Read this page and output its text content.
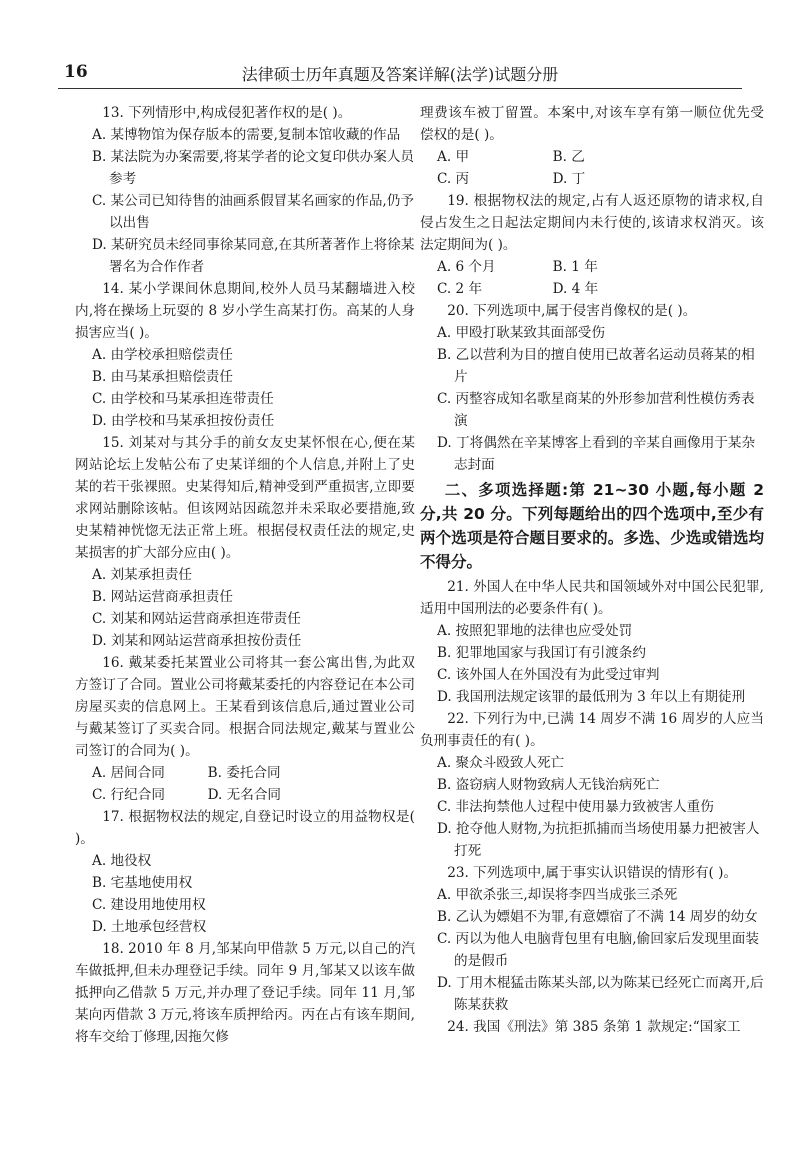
16	法律硕士历年真题及答案详解(法学)试题分册

13. 下列情形中,构成侵犯著作权的是( )。

A. 某博物馆为保存版本的需要,复制本馆收藏的作品

B. 某法院为办案需要,将某学者的论文复印供办案人员参考

C. 某公司已知待售的油画系假冒某名画家的作品,仍予以出售

D. 某研究员未经同事徐某同意,在其所著著作上将徐某署名为合作作者

14. 某小学课间休息期间,校外人员马某翻墙进入校内,将在操场上玩耍的 8 岁小学生高某打伤。高某的人身损害应当( )。

A. 由学校承担赔偿责任

B. 由马某承担赔偿责任

C. 由学校和马某承担连带责任

D. 由学校和马某承担按份责任

15. 刘某对与其分手的前女友史某怀恨在心,便在某网站论坛上发帖公布了史某详细的个人信息,并附上了史某的若干张裸照。史某得知后,精神受到严重损害,立即要求网站删除该帖。但该网站因疏忽并未采取必要措施,致史某精神恍惚无法正常上班。根据侵权责任法的规定,史某损害的扩大部分应由( )。

A. 刘某承担责任

B. 网站运营商承担责任

C. 刘某和网站运营商承担连带责任

D. 刘某和网站运营商承担按份责任

16. 戴某委托某置业公司将其一套公寓出售,为此双方签订了合同。置业公司将戴某委托的内容登记在本公司房屋买卖的信息网上。王某看到该信息后,通过置业公司与戴某签订了买卖合同。根据合同法规定,戴某与置业公司签订的合同为( )。

A. 居间合同	B. 委托合同

C. 行纪合同	D. 无名合同

17. 根据物权法的规定,自登记时设立的用益物权是( )。

A. 地役权

B. 宅基地使用权

C. 建设用地使用权

D. 土地承包经营权

18. 2010 年 8 月,邹某向甲借款 5 万元,以自己的汽车做抵押,但未办理登记手续。同年 9 月,邹某又以该车做抵押向乙借款 5 万元,并办理了登记手续。同年 11 月,邹某向丙借款 3 万元,将该车质押给丙。丙在占有该车期间,将车交给丁修理,因拖欠修

理费该车被丁留置。本案中,对该车享有第一顺位优先受偿权的是( )。

A. 甲	B. 乙

C. 丙	D. 丁

19. 根据物权法的规定,占有人返还原物的请求权,自侵占发生之日起法定期间内未行使的,该请求权消灭。该法定期间为( )。

A. 6 个月	B. 1 年

C. 2 年	D. 4 年

20. 下列选项中,属于侵害肖像权的是( )。

A. 甲殴打耿某致其面部受伤

B. 乙以营利为目的擅自使用已故著名运动员蒋某的相片

C. 丙整容成知名歌星商某的外形参加营利性模仿秀表演

D. 丁将偶然在辛某博客上看到的辛某自画像用于某杂志封面

二、多项选择题:第 21~30 小题,每小题 2 分,共 20 分。下列每题给出的四个选项中,至少有两个选项是符合题目要求的。多选、少选或错选均不得分。

21. 外国人在中华人民共和国领域外对中国公民犯罪,适用中国刑法的必要条件有( )。

A. 按照犯罪地的法律也应受处罚

B. 犯罪地国家与我国订有引渡条约

C. 该外国人在外国没有为此受过审判

D. 我国刑法规定该罪的最低刑为 3 年以上有期徒刑

22. 下列行为中,已满 14 周岁不满 16 周岁的人应当负刑事责任的有( )。

A. 聚众斗殴致人死亡

B. 盗窃病人财物致病人无钱治病死亡

C. 非法拘禁他人过程中使用暴力致被害人重伤

D. 抢夺他人财物,为抗拒抓捕而当场使用暴力把被害人打死

23. 下列选项中,属于事实认识错误的情形有( )。

A. 甲欲杀张三,却误将李四当成张三杀死

B. 乙认为嫖娼不为罪,有意嫖宿了不满 14 周岁的幼女

C. 丙以为他人电脑背包里有电脑,偷回家后发现里面装的是假币

D. 丁用木棍猛击陈某头部,以为陈某已经死亡而离开,后陈某获救

24. 我国《刑法》第 385 条第 1 款规定:“国家工
